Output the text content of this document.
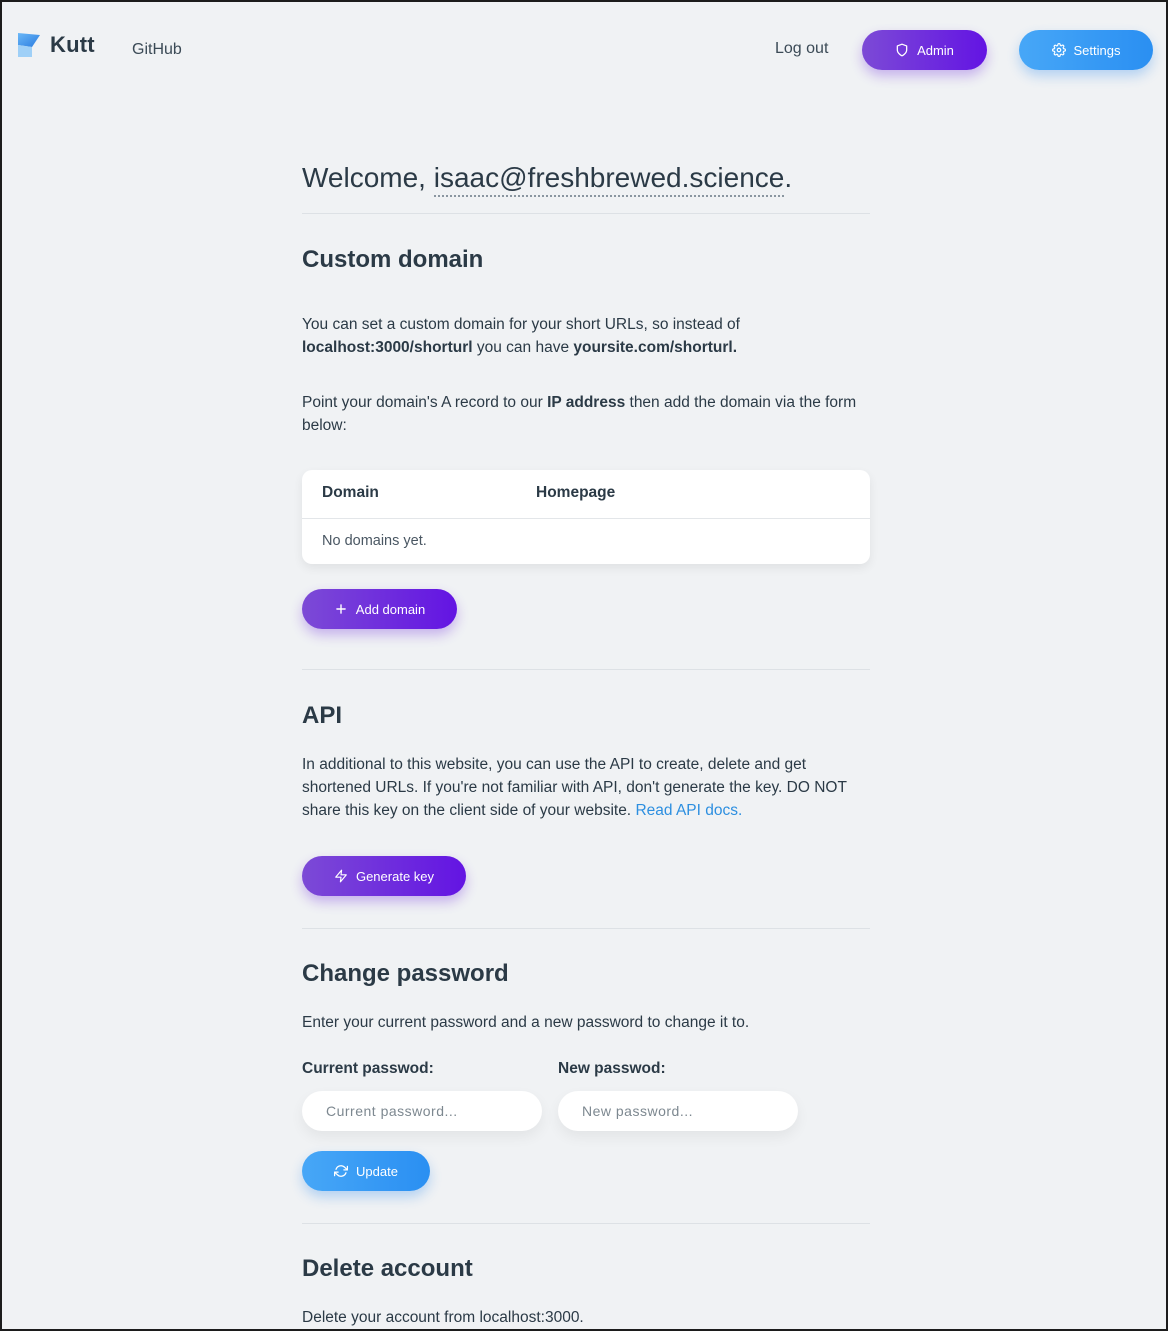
Kutt GitHub	Log out	Admin	Settings
Welcome, isaac@freshbrewed.science.
Custom domain

You can set a custom domain for your short URLs, so instead of localhost:3000/shorturl you can have yoursite.com/shorturl.

Point your domain's A record to our IP address then add the domain via the form below:

Domain	Homepage
No domains yet.
Add domain
API

In additional to this website, you can use the API to create, delete and get shortened URLs. If you're not familiar with API, don't generate the key. DO NOT share this key on the client side of your website. Read API docs.

Generate key
Change password

Enter your current password and a new password to change it to.

Current passwod:	New passwod:
Update
Delete account

Delete your account from localhost:3000.
